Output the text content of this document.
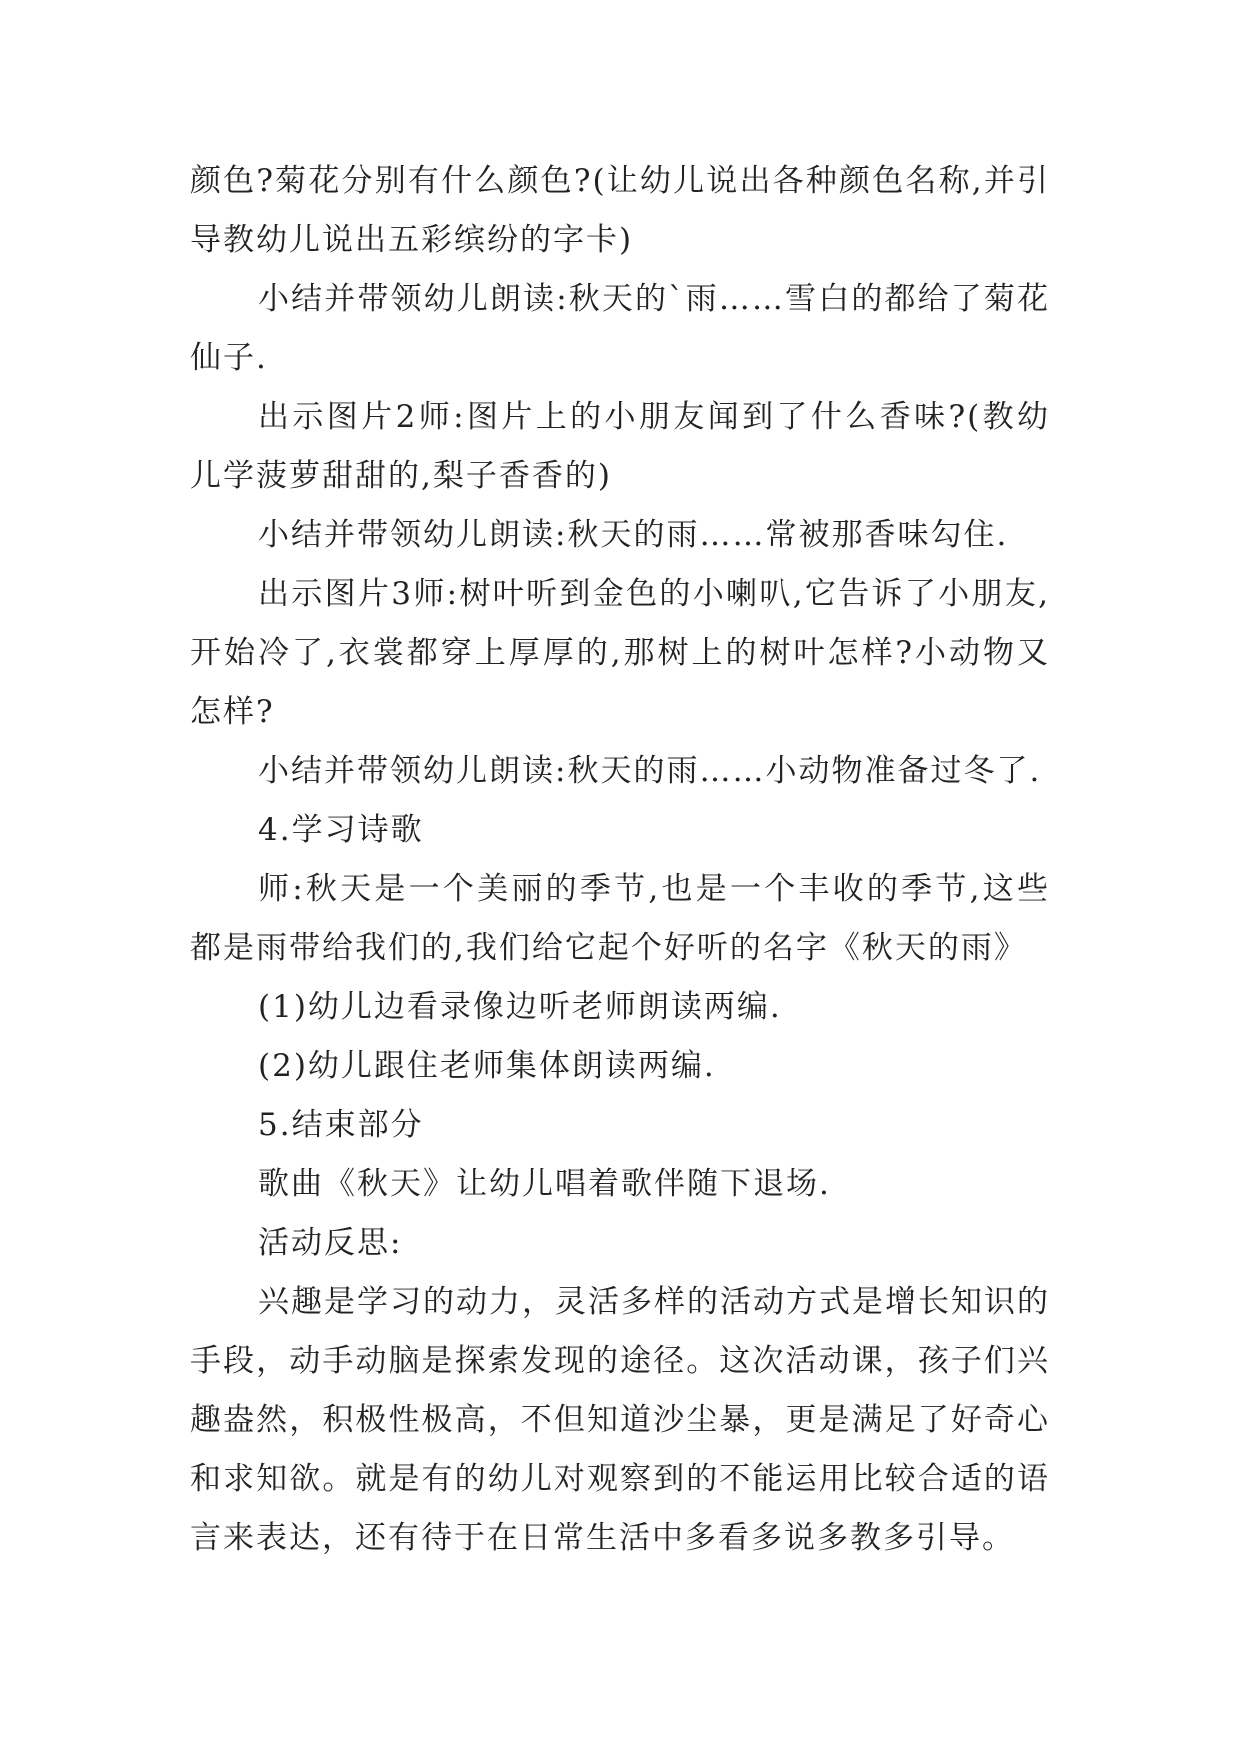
颜色?菊花分别有什么颜色?(让幼儿说出各种颜色名称,并引导教幼儿说出五彩缤纷的字卡)

小结并带领幼儿朗读:秋天的`雨……雪白的都给了菊花仙子.

出示图片2师:图片上的小朋友闻到了什么香味?(教幼儿学菠萝甜甜的,梨子香香的)

小结并带领幼儿朗读:秋天的雨……常被那香味勾住.

出示图片3师:树叶听到金色的小喇叭,它告诉了小朋友,开始冷了,衣裳都穿上厚厚的,那树上的树叶怎样?小动物又怎样?

小结并带领幼儿朗读:秋天的雨……小动物准备过冬了.

4.学习诗歌

师:秋天是一个美丽的季节,也是一个丰收的季节,这些都是雨带给我们的,我们给它起个好听的名字《秋天的雨》

(1)幼儿边看录像边听老师朗读两编.

(2)幼儿跟住老师集体朗读两编.

5.结束部分

歌曲《秋天》让幼儿唱着歌伴随下退场.

活动反思:

兴趣是学习的动力，灵活多样的活动方式是增长知识的手段，动手动脑是探索发现的途径。这次活动课，孩子们兴趣盎然，积极性极高，不但知道沙尘暴，更是满足了好奇心和求知欲。就是有的幼儿对观察到的不能运用比较合适的语言来表达，还有待于在日常生活中多看多说多教多引导。
